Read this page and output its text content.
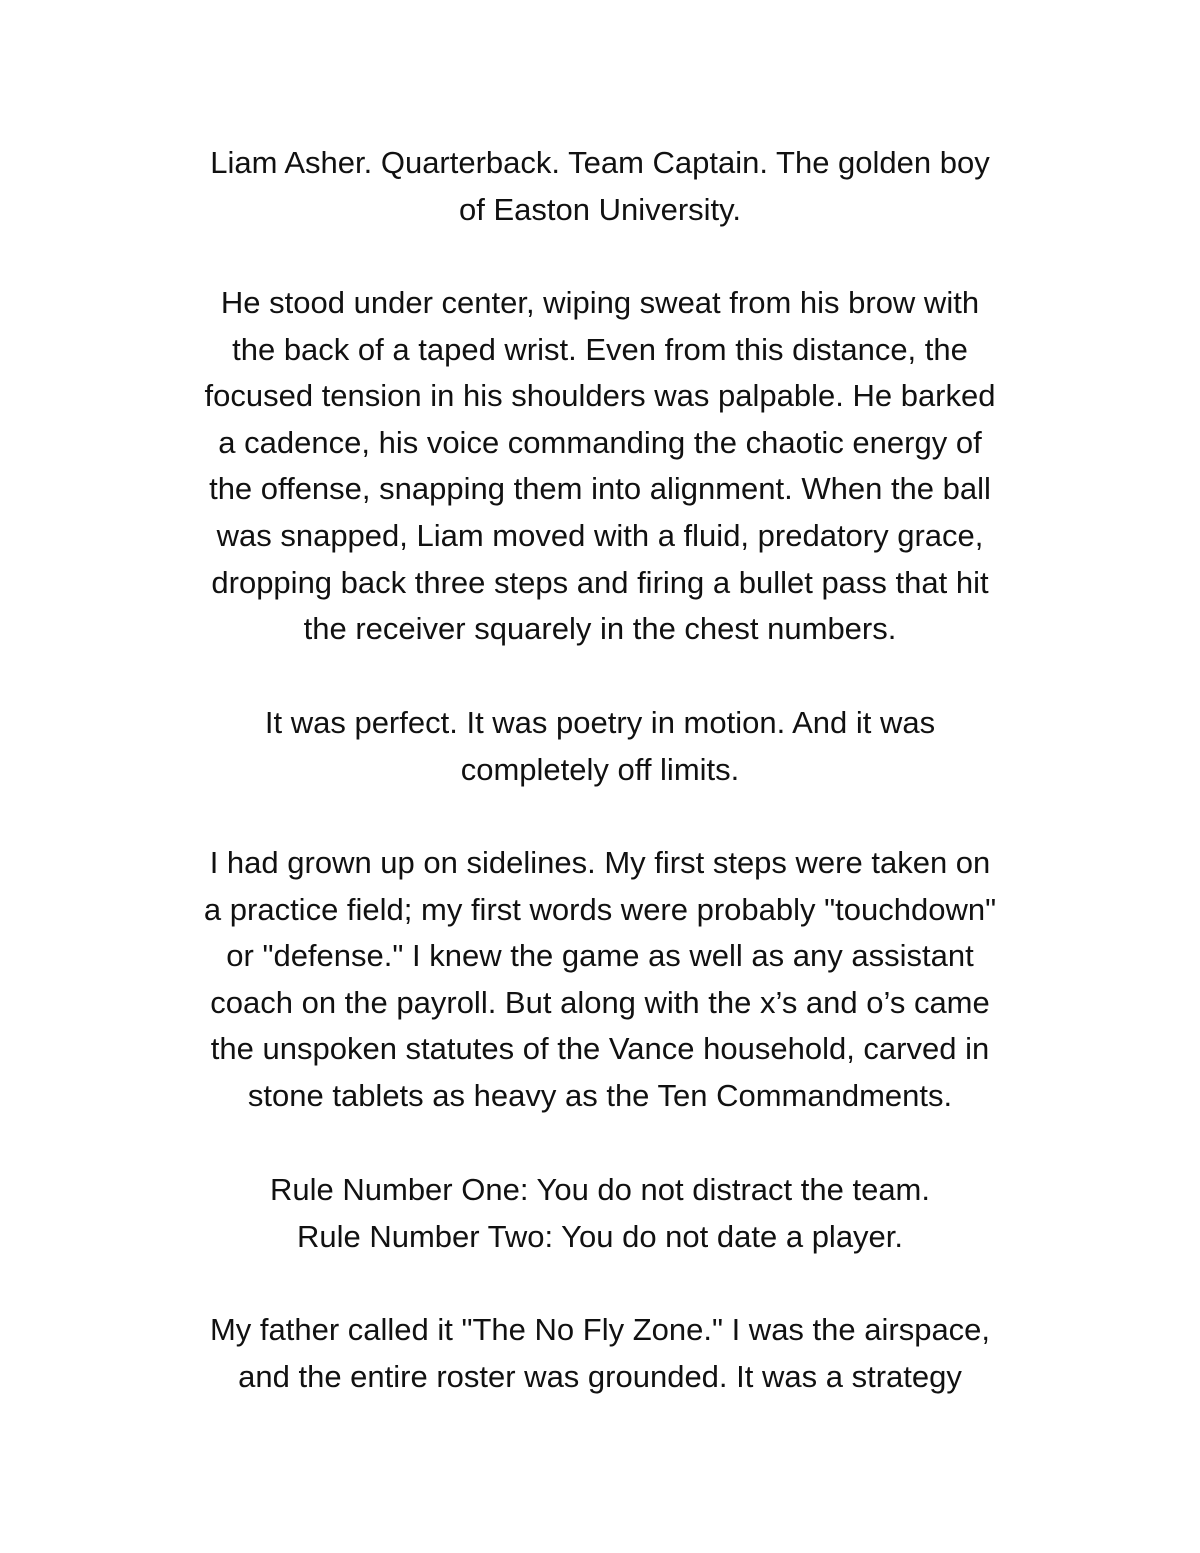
Liam Asher. Quarterback. Team Captain. The golden boy
of Easton University.

He stood under center, wiping sweat from his brow with
the back of a taped wrist. Even from this distance, the
focused tension in his shoulders was palpable. He barked
a cadence, his voice commanding the chaotic energy of
the offense, snapping them into alignment. When the ball
was snapped, Liam moved with a fluid, predatory grace,
dropping back three steps and firing a bullet pass that hit
the receiver squarely in the chest numbers.

It was perfect. It was poetry in motion. And it was
completely off limits.

I had grown up on sidelines. My first steps were taken on
a practice field; my first words were probably "touchdown"
or "defense." I knew the game as well as any assistant
coach on the payroll. But along with the x’s and o’s came
the unspoken statutes of the Vance household, carved in
stone tablets as heavy as the Ten Commandments.

Rule Number One: You do not distract the team.
Rule Number Two: You do not date a player.

My father called it "The No Fly Zone." I was the airspace,
and the entire roster was grounded. It was a strategy
